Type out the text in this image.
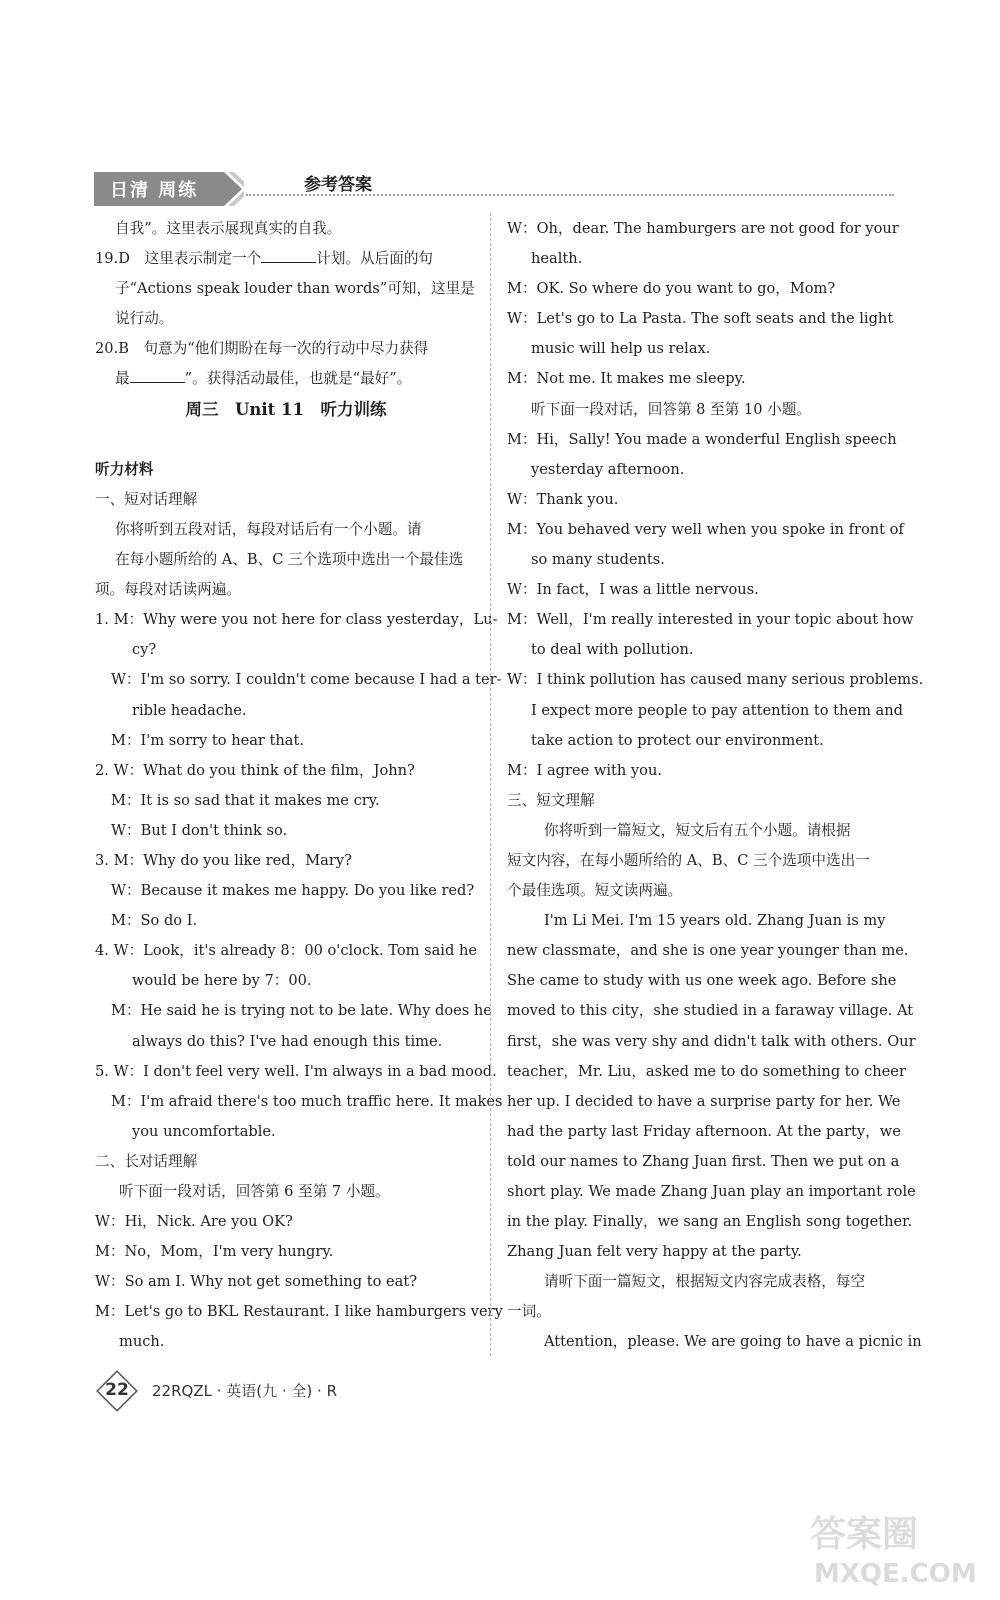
日清 周练	参考答案
自我”。这里表示展现真实的自我。
19.D　这里表示制定一个	计划。从后面的句
子“Actions speak louder than words”可知，这里是
说行动。
20.B　句意为“他们期盼在每一次的行动中尽力获得
最	”。获得活动最佳，也就是“最好”。
周三　Unit 11　听力训练
听力材料
一、短对话理解
你将听到五段对话，每段对话后有一个小题。请
在每小题所给的 A、B、C 三个选项中选出一个最佳选
项。每段对话读两遍。
1. M：Why were you not here for class yesterday，Lu-
cy?
W：I'm so sorry. I couldn't come because I had a ter-
rible headache.
M：I'm sorry to hear that.
2. W：What do you think of the film，John?
M：It is so sad that it makes me cry.
W：But I don't think so.
3. M：Why do you like red，Mary?
W：Because it makes me happy. Do you like red?
M：So do I.
4. W：Look，it's already 8：00 o'clock. Tom said he
would be here by 7：00.
M：He said he is trying not to be late. Why does he
always do this? I've had enough this time.
5. W：I don't feel very well. I'm always in a bad mood.
M：I'm afraid there's too much traffic here. It makes
you uncomfortable.
二、长对话理解
听下面一段对话，回答第 6 至第 7 小题。
W：Hi，Nick. Are you OK?
M：No，Mom，I'm very hungry.
W：So am I. Why not get something to eat?
M：Let's go to BKL Restaurant. I like hamburgers very
much.
W：Oh，dear. The hamburgers are not good for your
health.
M：OK. So where do you want to go，Mom?
W：Let's go to La Pasta. The soft seats and the light
music will help us relax.
M：Not me. It makes me sleepy.
听下面一段对话，回答第 8 至第 10 小题。
M：Hi，Sally! You made a wonderful English speech
yesterday afternoon.
W：Thank you.
M：You behaved very well when you spoke in front of
so many students.
W：In fact，I was a little nervous.
M：Well，I'm really interested in your topic about how
to deal with pollution.
W：I think pollution has caused many serious problems.
I expect more people to pay attention to them and
take action to protect our environment.
M：I agree with you.
三、短文理解
你将听到一篇短文，短文后有五个小题。请根据
短文内容，在每小题所给的 A、B、C 三个选项中选出一
个最佳选项。短文读两遍。
I'm Li Mei. I'm 15 years old. Zhang Juan is my
new classmate，and she is one year younger than me.
She came to study with us one week ago. Before she
moved to this city，she studied in a faraway village. At
first，she was very shy and didn't talk with others. Our
teacher，Mr. Liu，asked me to do something to cheer
her up. I decided to have a surprise party for her. We
had the party last Friday afternoon. At the party，we
told our names to Zhang Juan first. Then we put on a
short play. We made Zhang Juan play an important role
in the play. Finally，we sang an English song together.
Zhang Juan felt very happy at the party.
请听下面一篇短文，根据短文内容完成表格，每空
一词。
Attention，please. We are going to have a picnic in
22	22RQZL · 英语(九 · 全) · R
答案圈
MXQE.COM
